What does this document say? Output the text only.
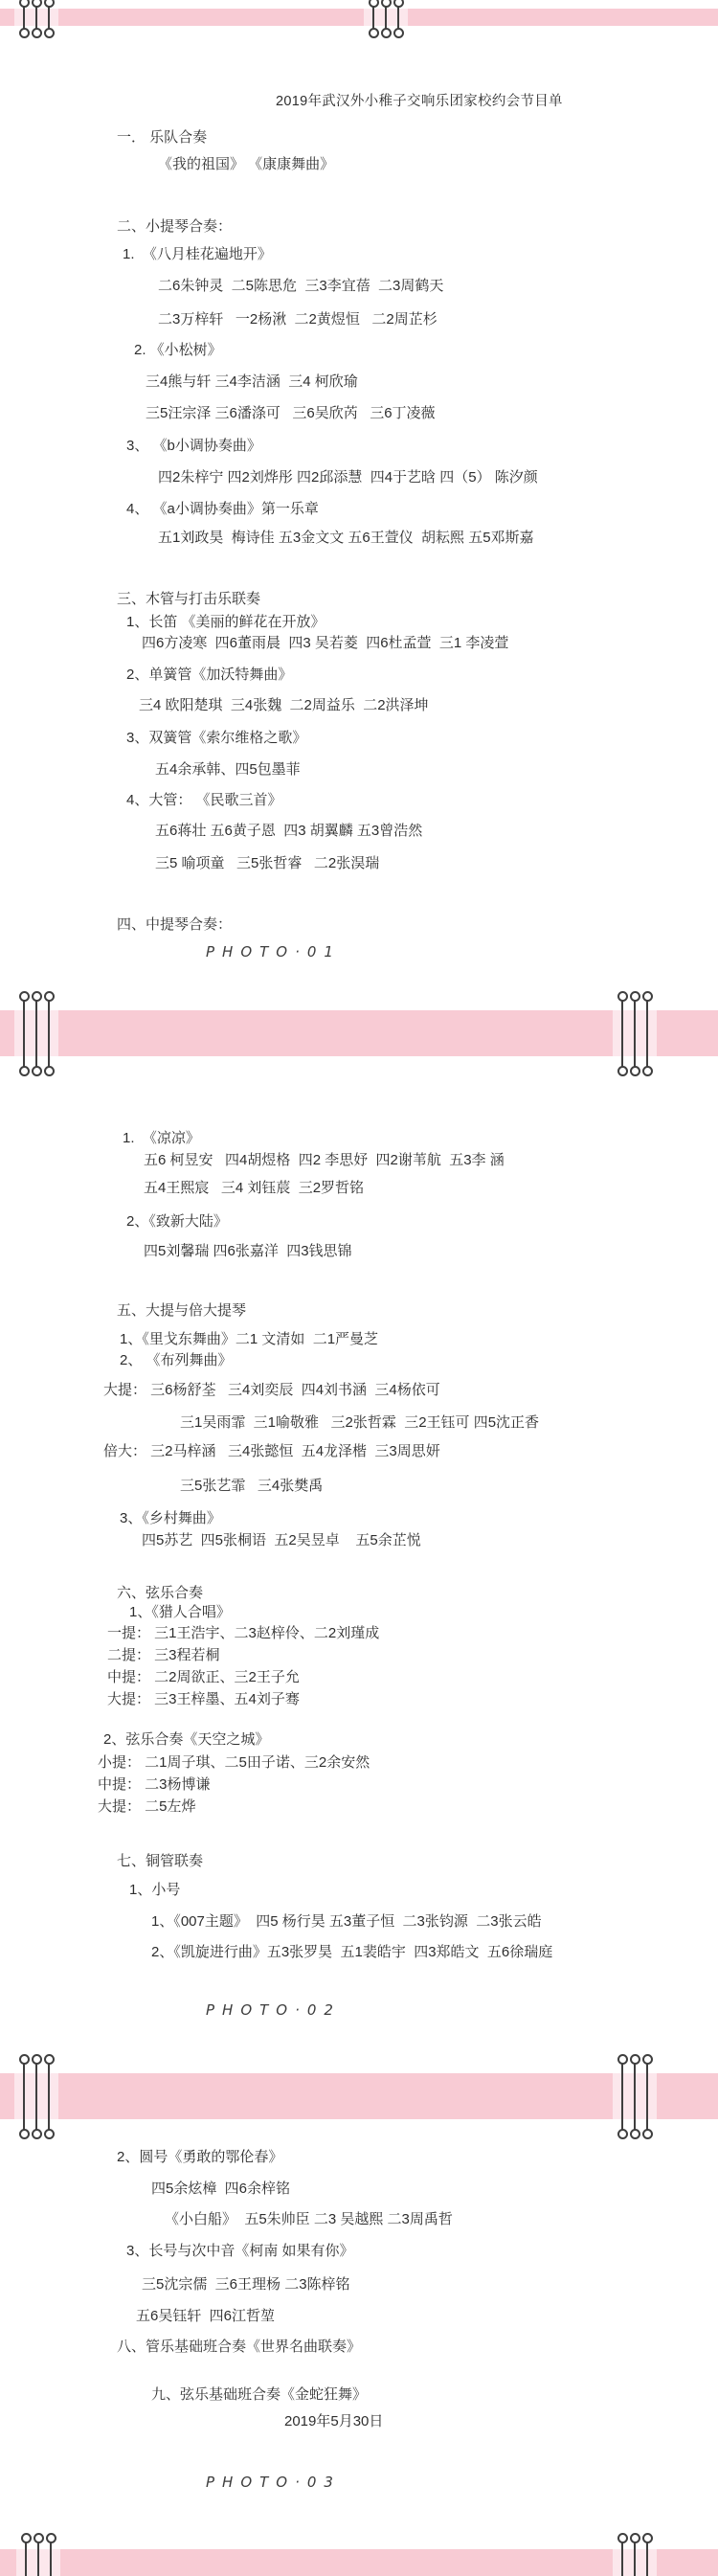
2019年武汉外小稚子交响乐团家校约会节目单
2019年5月30日
PHOTO·01
PHOTO·02
PHOTO·03
一． 乐队合奏
《我的祖国》 《康康舞曲》
二、小提琴合奏：
1.  《八月桂花遍地开》
二6朱钟灵  二5陈思危  三3李宜蓓  二3周鹤天
二3万梓轩   一2杨湫  二2黄煜恒   二2周芷杉
2. 《小松树》
三4熊与轩 三4李洁涵  三4 柯欣瑜
三5汪宗泽 三6潘涤可   三6吴欣芮   三6丁凌薇
3、 《b小调协奏曲》
四2朱梓宁 四2刘烨彤 四2邱添慧  四4于艺晗 四（5） 陈汐颜
4、 《a小调协奏曲》第一乐章
五1刘政昊  梅诗佳 五3金文文 五6王萱仪  胡耘熙 五5邓斯嘉
三、木管与打击乐联奏
1、长笛 《美丽的鲜花在开放》
四6方凌寒  四6董雨晨  四3 吴若菱  四6杜孟萱  三1 李凌萱
2、单簧管《加沃特舞曲》
三4 欧阳楚琪  三4张魏  二2周益乐  二2洪泽坤
3、双簧管《索尔维格之歌》
五4余承韩、四5包墨菲
4、大管： 《民歌三首》
五6蒋壮 五6黄子恩  四3 胡翼麟 五3曾浩然
三5 喻项童   三5张哲睿   二2张淏瑞
四、中提琴合奏：
1.  《凉凉》
五6 柯昱安   四4胡煜格  四2 李思妤  四2谢苇航  五3李 涵
五4王熙宸   三4 刘钰莀  三2罗哲铭
2、《致新大陆》
四5刘馨瑞 四6张嘉洋  四3钱思锦
五、大提与倍大提琴
1、《里戈东舞曲》二1 文清如  二1严曼芝
2、 《布列舞曲》
大提： 三6杨舒荃   三4刘奕辰  四4刘书涵  三4杨依可
三1吴雨霏  三1喻敬雅   三2张哲霖  三2王钰可 四5沈正香
倍大： 三2马梓涵   三4张懿恒  五4龙泽楷  三3周思妍
三5张艺霏   三4张樊禹
3、《乡村舞曲》
四5苏艺  四5张桐语  五2吴昱卓    五5余芷悦
六、弦乐合奏
1、《猎人合唱》
一提： 三1王浩宇、二3赵梓伶、二2刘瑾成
二提： 三3程若桐
中提： 二2周欲正、三2王子允
大提： 三3王梓墨、五4刘子骞
2、弦乐合奏《天空之城》
小提： 二1周子琪、二5田子诺、三2余安然
中提： 二3杨博谦
大提： 二5左烨
七、铜管联奏
1、小号
1、《007主题》  四5 杨行昊 五3董子恒  二3张钧源  二3张云皓
2、《凯旋进行曲》五3张罗昊  五1裴皓宇  四3郑皓文  五6徐瑞庭
2、圆号《勇敢的鄂伦春》
四5余炫樟  四6余梓铭
《小白船》  五5朱帅臣 二3 吴越熙 二3周禹哲
3、长号与次中音《柯南 如果有你》
三5沈宗儒  三6王理杨 二3陈梓铭
五6吴钰轩  四6江哲堃
八、管乐基础班合奏《世界名曲联奏》
九、弦乐基础班合奏《金蛇狂舞》
